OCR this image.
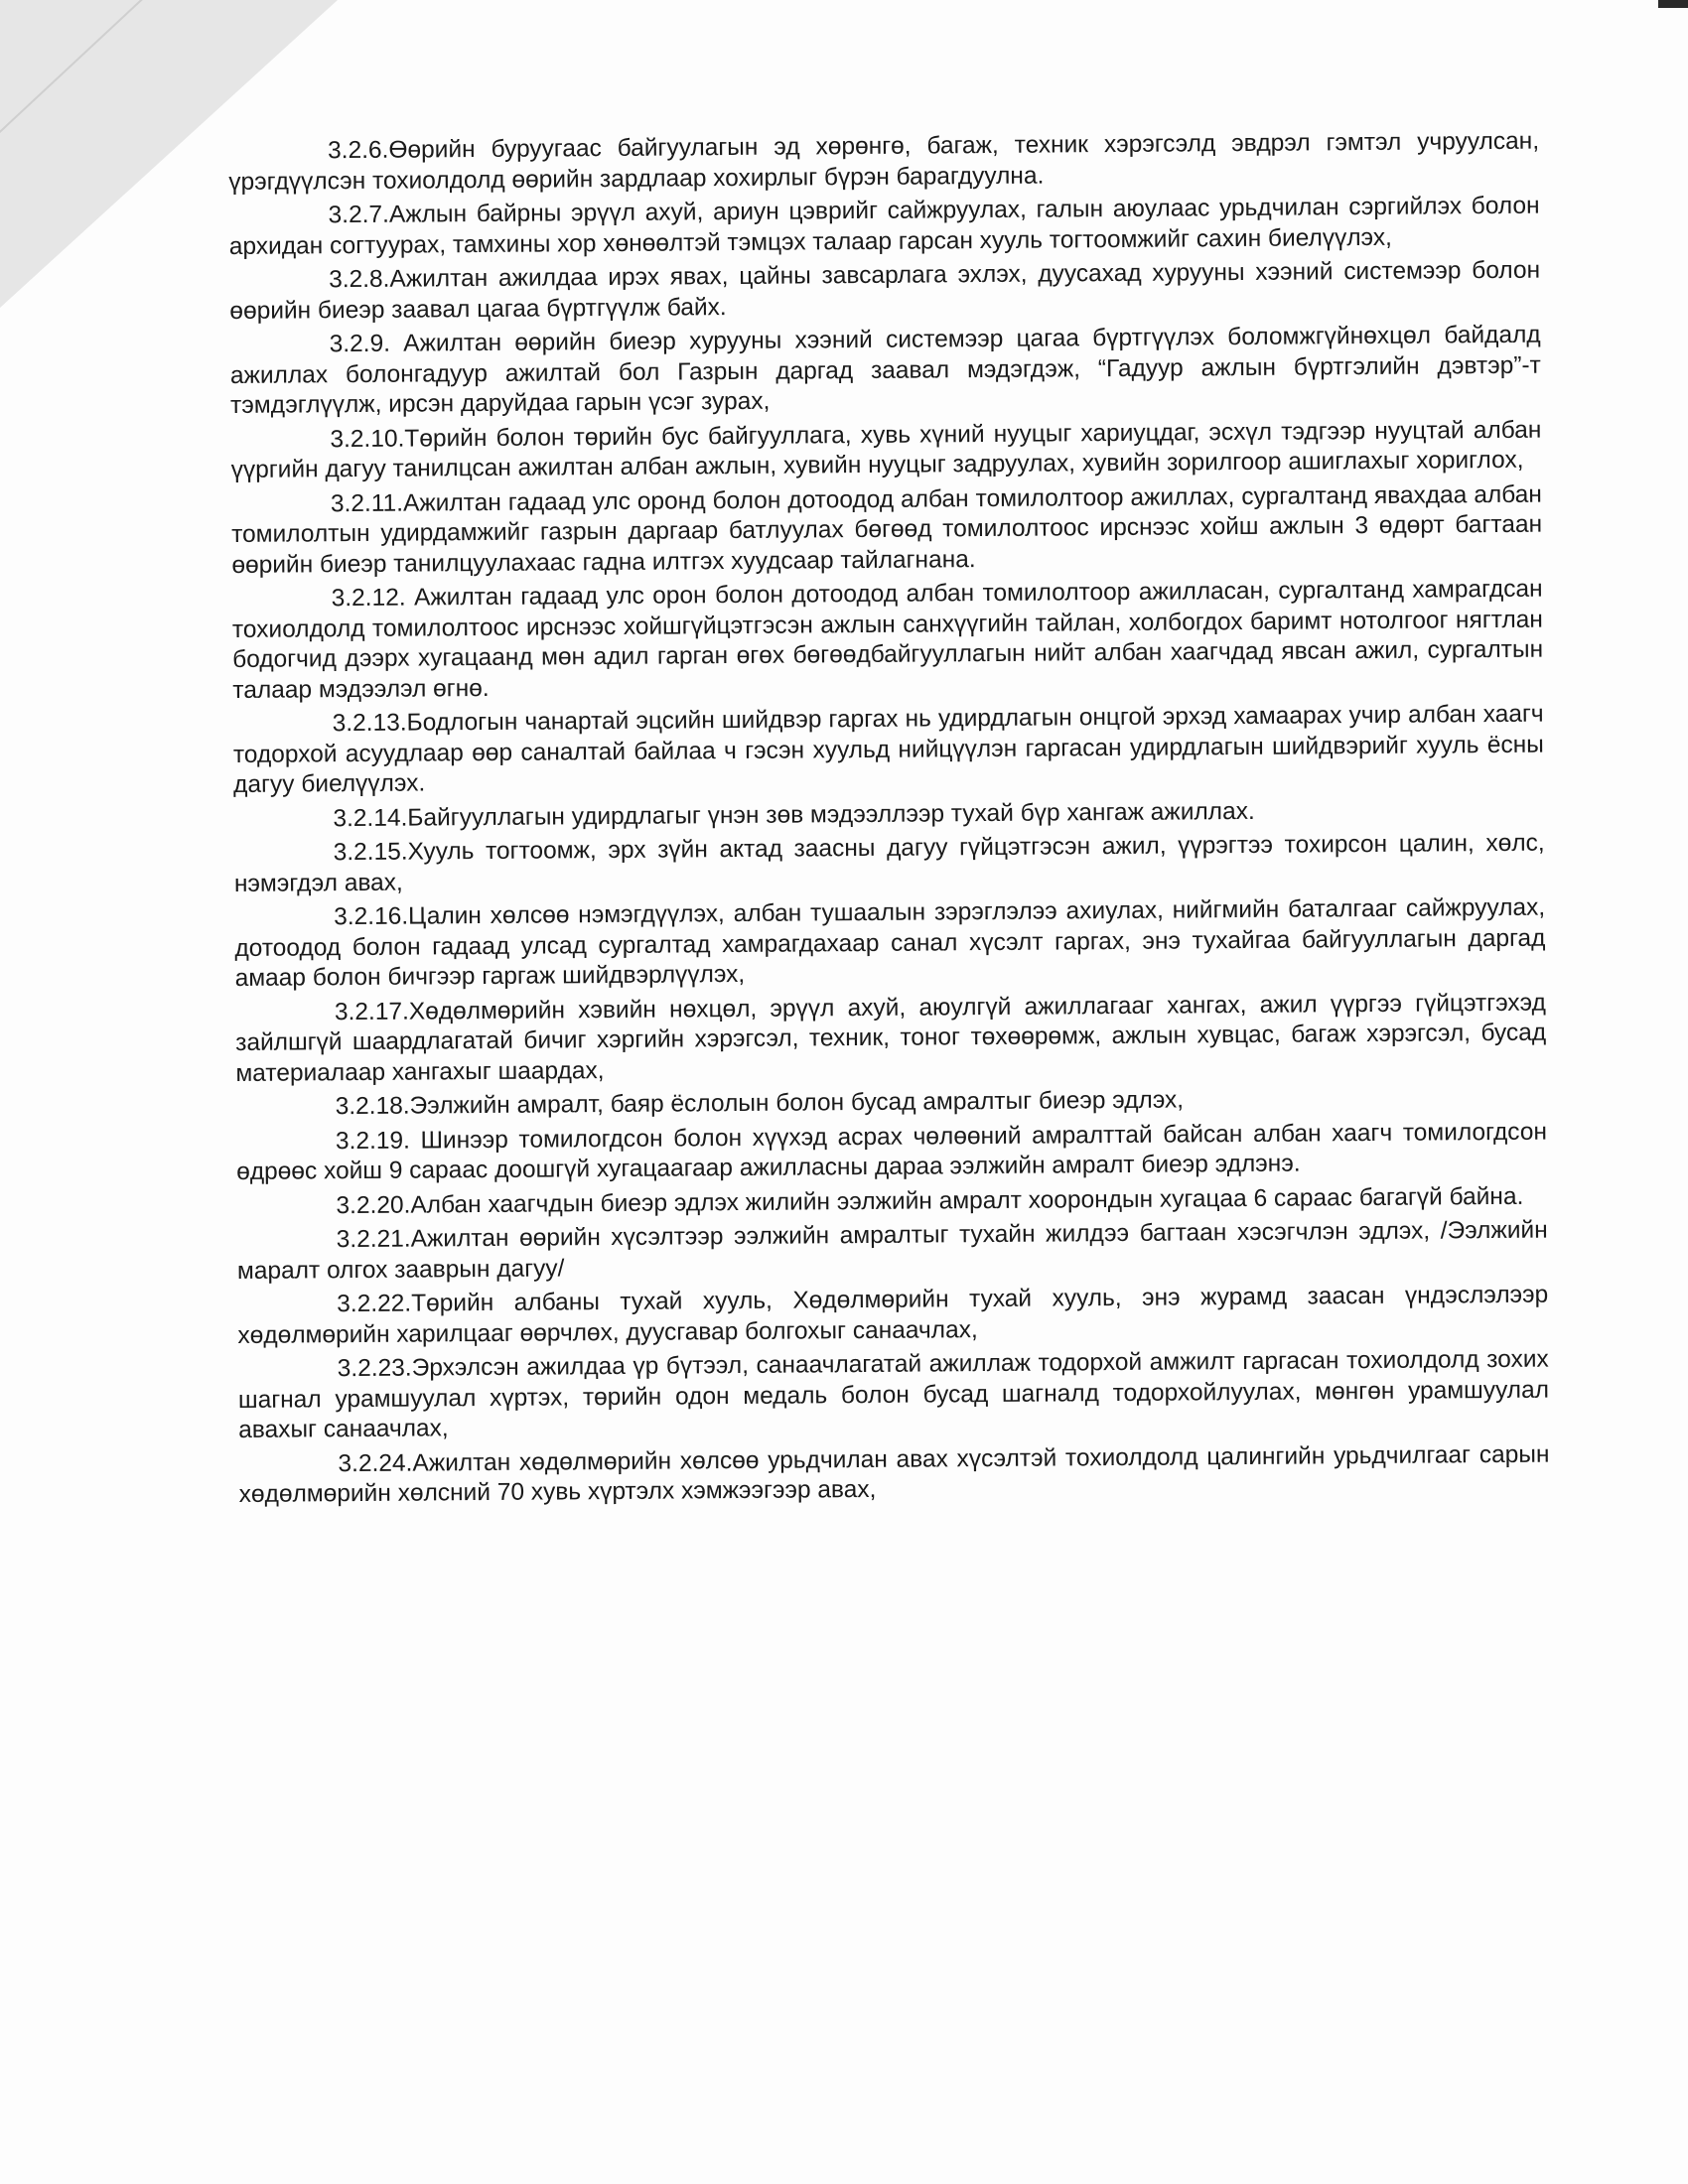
3.2.6.Өөрийн буруугаас байгуулагын эд хөрөнгө, багаж, техник хэрэгсэлд эвдрэл гэмтэл учруулсан, үрэгдүүлсэн тохиолдолд өөрийн зардлаар хохирлыг бүрэн барагдуулна.

3.2.7.Ажлын байрны эрүүл ахуй, ариун цэврийг сайжруулах, галын аюулаас урьдчилан сэргийлэх болон архидан согтуурах, тамхины хор хөнөөлтэй тэмцэх талаар гарсан хууль тогтоомжийг сахин биелүүлэх,

3.2.8.Ажилтан ажилдаа ирэх явах, цайны завсарлага эхлэх, дуусахад хурууны хээний системээр болон өөрийн биеэр заавал цагаа бүртгүүлж байх.

3.2.9. Ажилтан өөрийн биеэр хурууны хээний системээр цагаа бүртгүүлэх боломжгүйнөхцөл байдалд ажиллах болонгадуур ажилтай бол Газрын даргад заавал мэдэгдэж, “Гадуур ажлын бүртгэлийн дэвтэр”-т тэмдэглүүлж, ирсэн даруйдаа гарын үсэг зурах,

3.2.10.Төрийн болон төрийн бус байгууллага, хувь хүний нууцыг хариуцдаг, эсхүл тэдгээр нууцтай албан үүргийн дагуу танилцсан ажилтан албан ажлын, хувийн нууцыг задруулах, хувийн зорилгоор ашиглахыг хориглох,

3.2.11.Ажилтан гадаад улс оронд болон дотоодод албан томилолтоор ажиллах, сургалтанд явахдаа албан томилолтын удирдамжийг газрын даргаар батлуулах бөгөөд томилолтоос ирснээс хойш ажлын 3 өдөрт багтаан өөрийн биеэр танилцуулахаас гадна илтгэх хуудсаар тайлагнана.

3.2.12. Ажилтан гадаад улс орон болон дотоодод албан томилолтоор ажилласан, сургалтанд хамрагдсан тохиолдолд томилолтоос ирснээс хойшгүйцэтгэсэн ажлын санхүүгийн тайлан, холбогдох баримт нотолгоог нягтлан бодогчид дээрх хугацаанд мөн адил гарган өгөх бөгөөдбайгууллагын нийт албан хаагчдад явсан ажил, сургалтын талаар мэдээлэл өгнө.

3.2.13.Бодлогын чанартай эцсийн шийдвэр гаргах нь удирдлагын онцгой эрхэд хамаарах учир албан хаагч тодорхой асуудлаар өөр саналтай байлаа ч гэсэн хуульд нийцүүлэн гаргасан удирдлагын шийдвэрийг хууль ёсны дагуу биелүүлэх.

3.2.14.Байгууллагын удирдлагыг үнэн зөв мэдээллээр тухай бүр хангаж ажиллах.

3.2.15.Хууль тогтоомж, эрх зүйн актад заасны дагуу гүйцэтгэсэн ажил, үүрэгтээ тохирсон цалин, хөлс, нэмэгдэл авах,

3.2.16.Цалин хөлсөө нэмэгдүүлэх, албан тушаалын зэрэглэлээ ахиулах, нийгмийн баталгааг сайжруулах, дотоодод болон гадаад улсад сургалтад хамрагдахаар санал хүсэлт гаргах, энэ тухайгаа байгууллагын даргад амаар болон бичгээр гаргаж шийдвэрлүүлэх,

3.2.17.Хөдөлмөрийн хэвийн нөхцөл, эрүүл ахуй, аюулгүй ажиллагааг хангах, ажил үүргээ гүйцэтгэхэд зайлшгүй шаардлагатай бичиг хэргийн хэрэгсэл, техник, тоног төхөөрөмж, ажлын хувцас, багаж хэрэгсэл, бусад материалаар хангахыг шаардах,

3.2.18.Ээлжийн амралт, баяр ёслолын болон бусад амралтыг биеэр эдлэх,

3.2.19. Шинээр томилогдсон болон хүүхэд асрах чөлөөний амралттай байсан албан хаагч томилогдсон өдрөөс хойш 9 сараас доошгүй хугацаагаар ажилласны дараа ээлжийн амралт биеэр эдлэнэ.

3.2.20.Албан хаагчдын биеэр эдлэх жилийн ээлжийн амралт хоорондын хугацаа 6 сараас багагүй байна.

3.2.21.Ажилтан өөрийн хүсэлтээр ээлжийн амралтыг тухайн жилдээ багтаан хэсэгчлэн эдлэх, /Ээлжийн маралт олгох зааврын дагуу/

3.2.22.Төрийн албаны тухай хууль, Хөдөлмөрийн тухай хууль, энэ журамд заасан үндэслэлээр хөдөлмөрийн харилцааг өөрчлөх, дуусгавар болгохыг санаачлах,

3.2.23.Эрхэлсэн ажилдаа үр бүтээл, санаачлагатай ажиллаж тодорхой амжилт гаргасан тохиолдолд зохих шагнал урамшуулал хүртэх, төрийн одон медаль болон бусад шагналд тодорхойлуулах, мөнгөн урамшуулал авахыг санаачлах,

3.2.24.Ажилтан хөдөлмөрийн хөлсөө урьдчилан авах хүсэлтэй тохиолдолд цалингийн урьдчилгааг сарын хөдөлмөрийн хөлсний 70 хувь хүртэлх хэмжээгээр авах,
